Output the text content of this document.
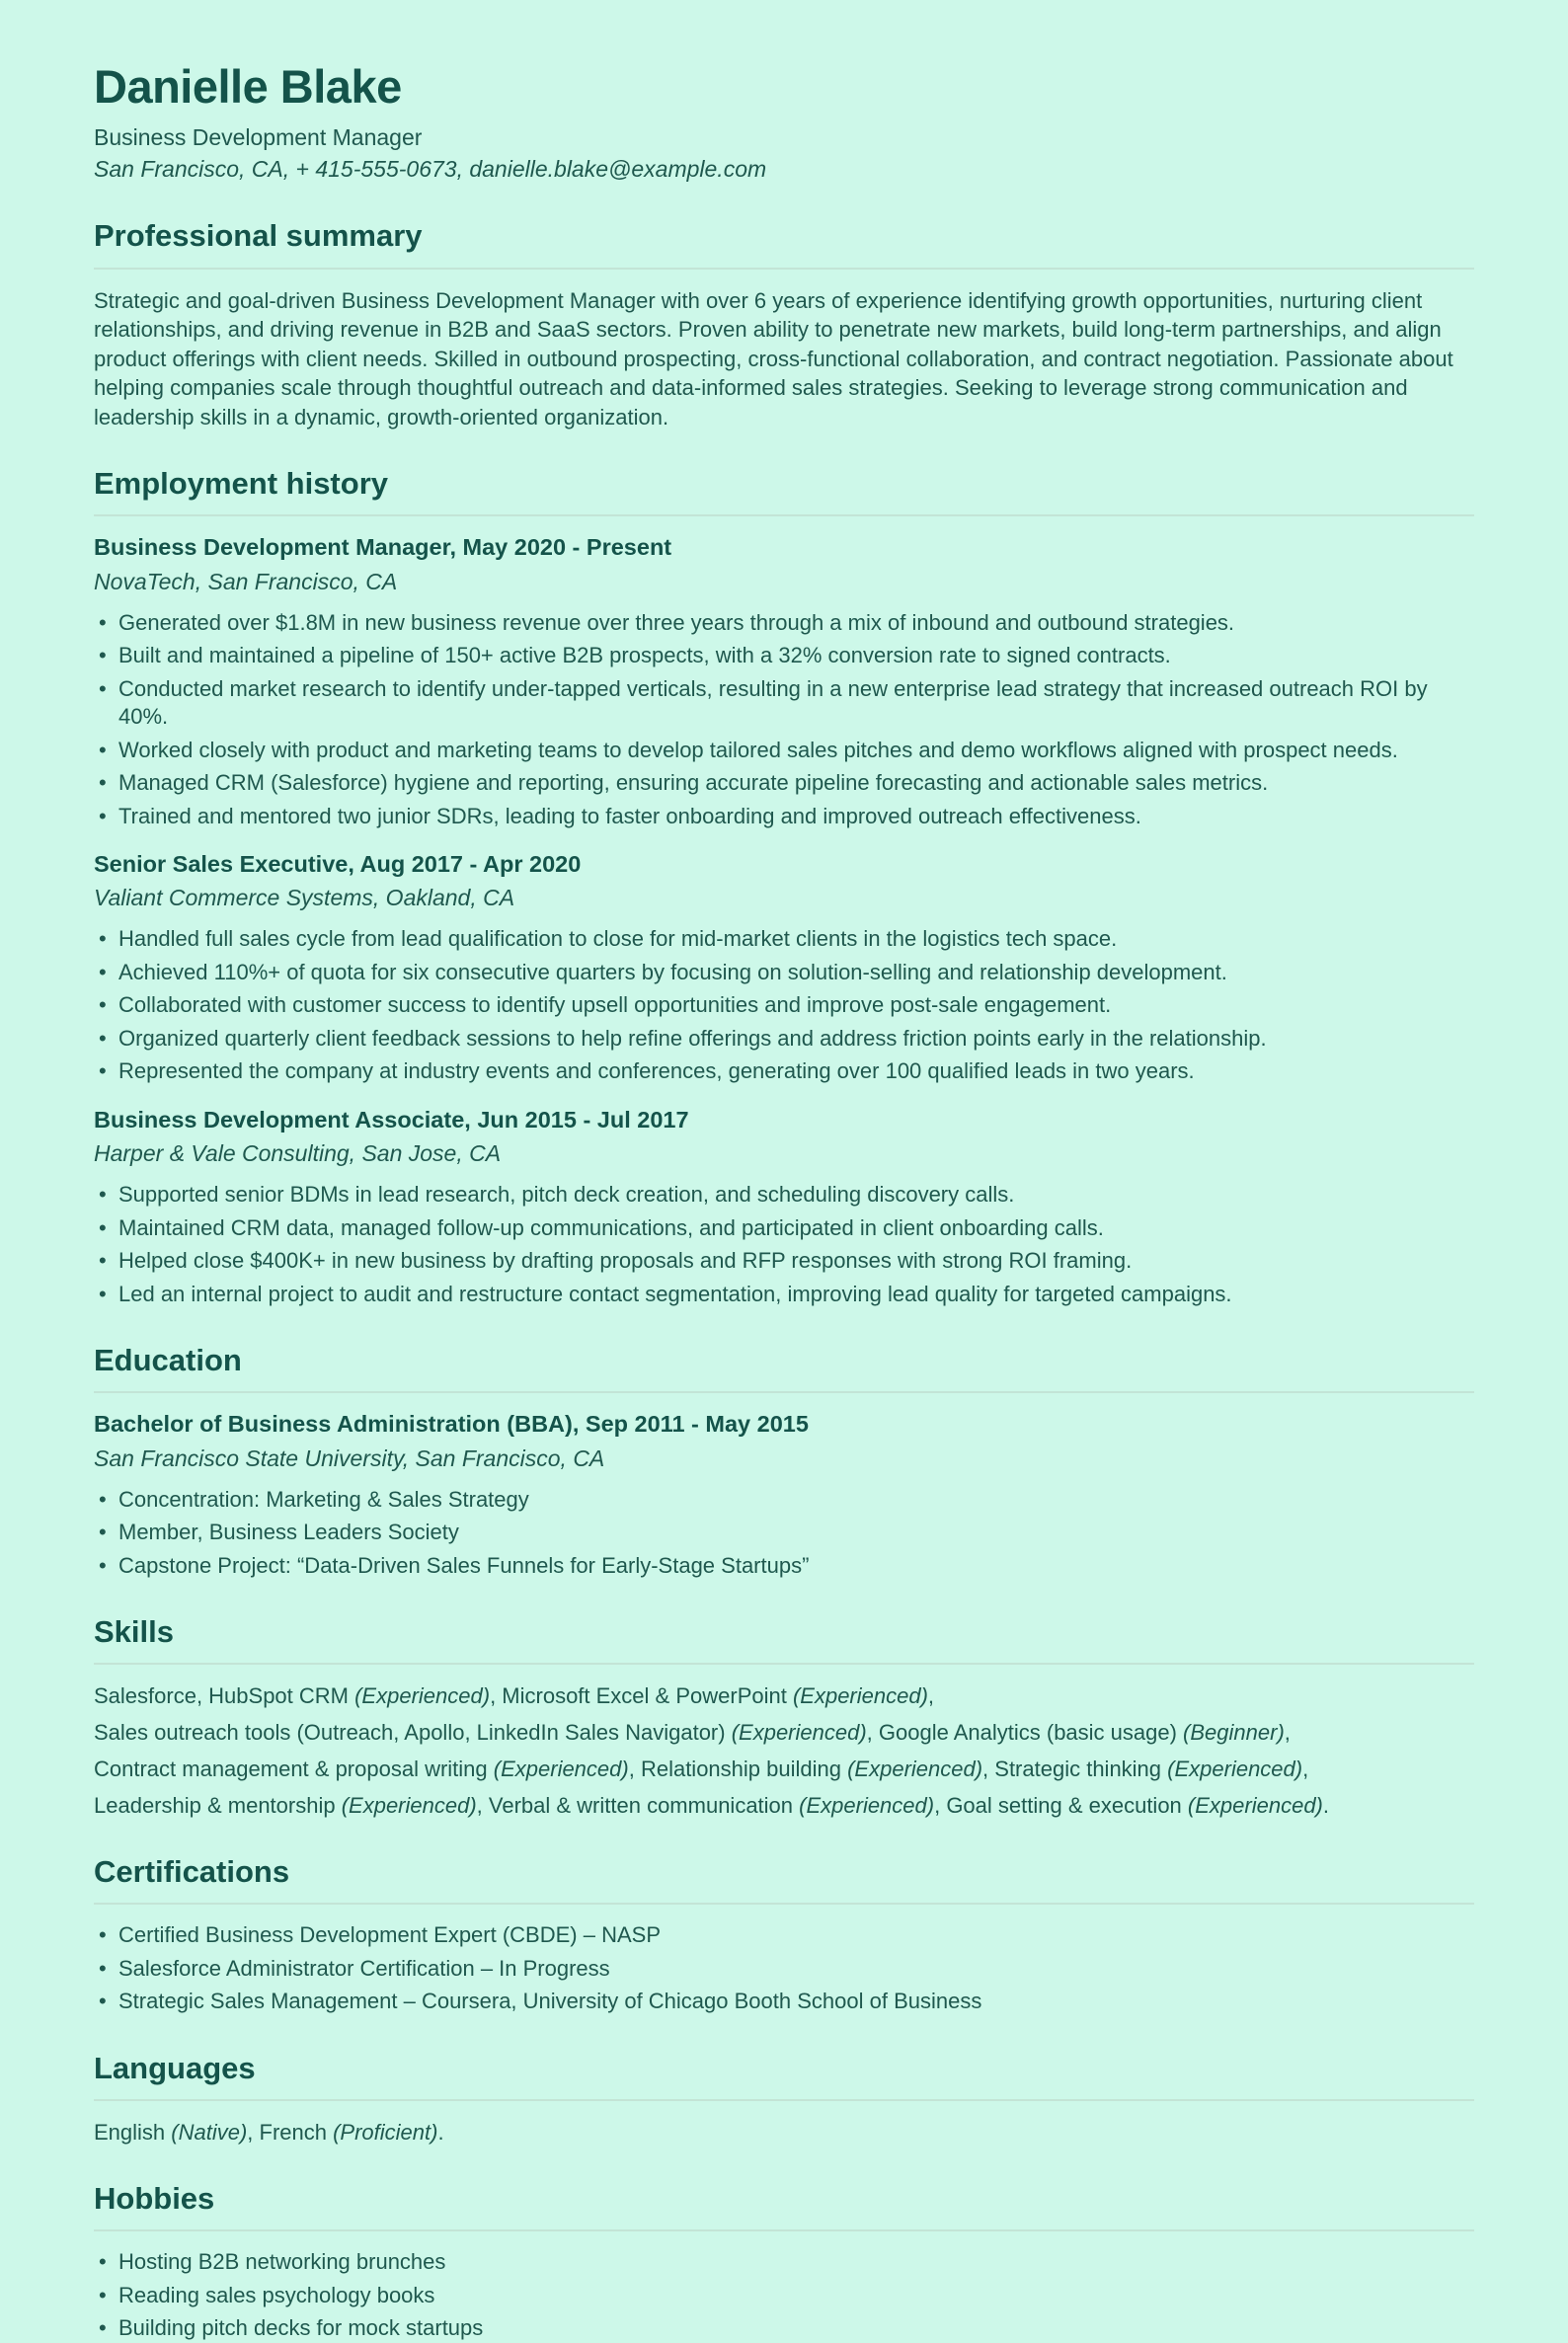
Danielle Blake

Business Development Manager

San Francisco, CA, + 415-555-0673, danielle.blake@example.com

Professional summary

Strategic and goal-driven Business Development Manager with over 6 years of experience identifying growth opportunities, nurturing client relationships, and driving revenue in B2B and SaaS sectors. Proven ability to penetrate new markets, build long-term partnerships, and align product offerings with client needs. Skilled in outbound prospecting, cross-functional collaboration, and contract negotiation. Passionate about helping companies scale through thoughtful outreach and data-informed sales strategies. Seeking to leverage strong communication and leadership skills in a dynamic, growth-oriented organization.

Employment history
Business Development Manager, May 2020 - Present

NovaTech, San Francisco, CA

• Generated over $1.8M in new business revenue over three years through a mix of inbound and outbound strategies.
• Built and maintained a pipeline of 150+ active B2B prospects, with a 32% conversion rate to signed contracts.
• Conducted market research to identify under-tapped verticals, resulting in a new enterprise lead strategy that increased outreach ROI by 40%.
• Worked closely with product and marketing teams to develop tailored sales pitches and demo workflows aligned with prospect needs.
• Managed CRM (Salesforce) hygiene and reporting, ensuring accurate pipeline forecasting and actionable sales metrics.
• Trained and mentored two junior SDRs, leading to faster onboarding and improved outreach effectiveness.
Senior Sales Executive, Aug 2017 - Apr 2020

Valiant Commerce Systems, Oakland, CA

• Handled full sales cycle from lead qualification to close for mid-market clients in the logistics tech space.
• Achieved 110%+ of quota for six consecutive quarters by focusing on solution-selling and relationship development.
• Collaborated with customer success to identify upsell opportunities and improve post-sale engagement.
• Organized quarterly client feedback sessions to help refine offerings and address friction points early in the relationship.
• Represented the company at industry events and conferences, generating over 100 qualified leads in two years.
Business Development Associate, Jun 2015 - Jul 2017

Harper & Vale Consulting, San Jose, CA

• Supported senior BDMs in lead research, pitch deck creation, and scheduling discovery calls.
• Maintained CRM data, managed follow-up communications, and participated in client onboarding calls.
• Helped close $400K+ in new business by drafting proposals and RFP responses with strong ROI framing.
• Led an internal project to audit and restructure contact segmentation, improving lead quality for targeted campaigns.
Education
Bachelor of Business Administration (BBA), Sep 2011 - May 2015

San Francisco State University, San Francisco, CA

• Concentration: Marketing & Sales Strategy
• Member, Business Leaders Society
• Capstone Project: “Data-Driven Sales Funnels for Early-Stage Startups”
Skills

Salesforce, HubSpot CRM (Experienced), Microsoft Excel & PowerPoint (Experienced),

Sales outreach tools (Outreach, Apollo, LinkedIn Sales Navigator) (Experienced), Google Analytics (basic usage) (Beginner),

Contract management & proposal writing (Experienced), Relationship building (Experienced), Strategic thinking (Experienced),

Leadership & mentorship (Experienced), Verbal & written communication (Experienced), Goal setting & execution (Experienced).

Certifications
• Certified Business Development Expert (CBDE) – NASP
• Salesforce Administrator Certification – In Progress
• Strategic Sales Management – Coursera, University of Chicago Booth School of Business
Languages

English (Native), French (Proficient).

Hobbies
• Hosting B2B networking brunches
• Reading sales psychology books
• Building pitch decks for mock startups
